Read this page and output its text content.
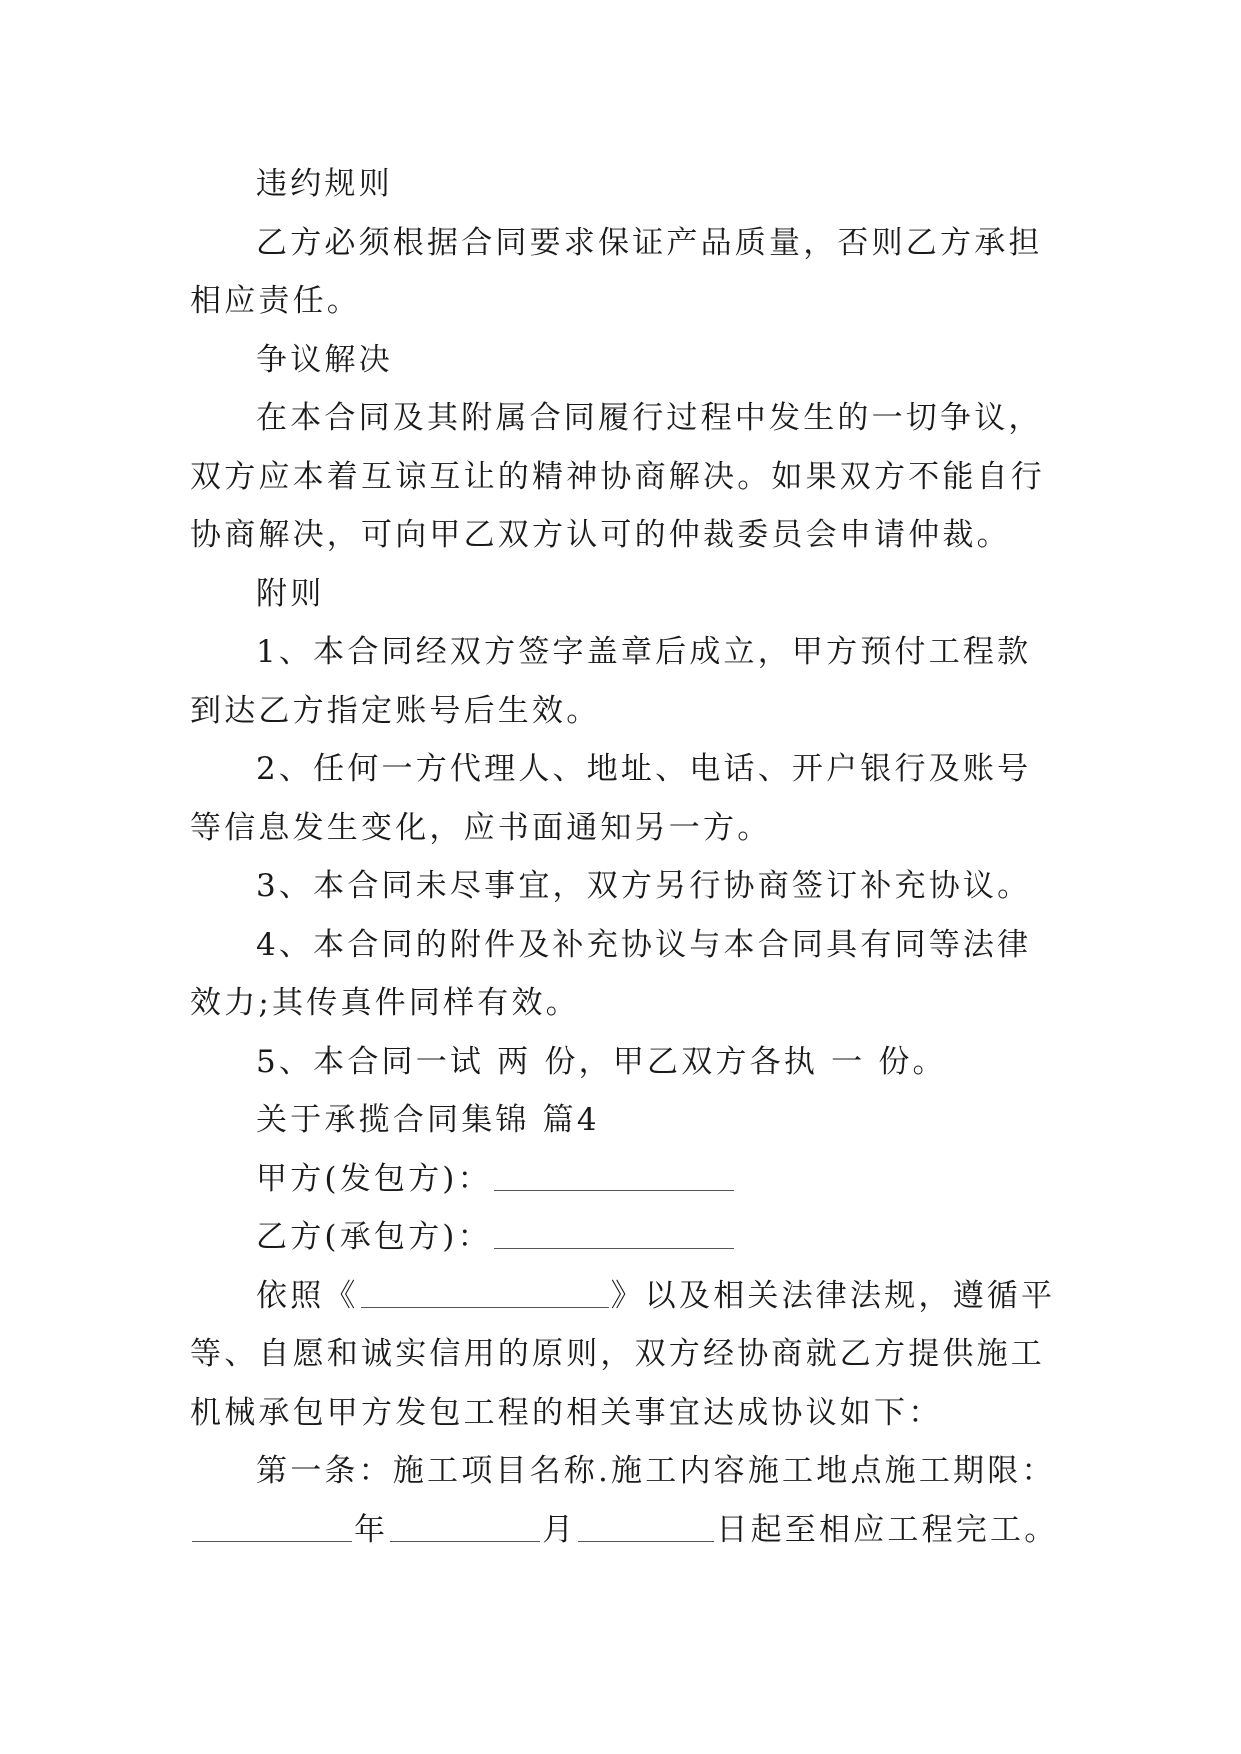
违约规则

乙方必须根据合同要求保证产品质量，否则乙方承担相应责任。

争议解决

在本合同及其附属合同履行过程中发生的一切争议，双方应本着互谅互让的精神协商解决。如果双方不能自行协商解决，可向甲乙双方认可的仲裁委员会申请仲裁。

附则

1、本合同经双方签字盖章后成立，甲方预付工程款到达乙方指定账号后生效。

2、任何一方代理人、地址、电话、开户银行及账号等信息发生变化，应书面通知另一方。

3、本合同未尽事宜，双方另行协商签订补充协议。

4、本合同的附件及补充协议与本合同具有同等法律效力;其传真件同样有效。

5、本合同一试 两 份，甲乙双方各执 一 份。

关于承揽合同集锦 篇4

甲方(发包方)：

乙方(承包方)：

依照《	》以及相关法律法规，遵循平等、自愿和诚实信用的原则，双方经协商就乙方提供施工机械承包甲方发包工程的相关事宜达成协议如下：

第一条：施工项目名称.施工内容施工地点施工期限：

年	月	日起至相应工程完工。
